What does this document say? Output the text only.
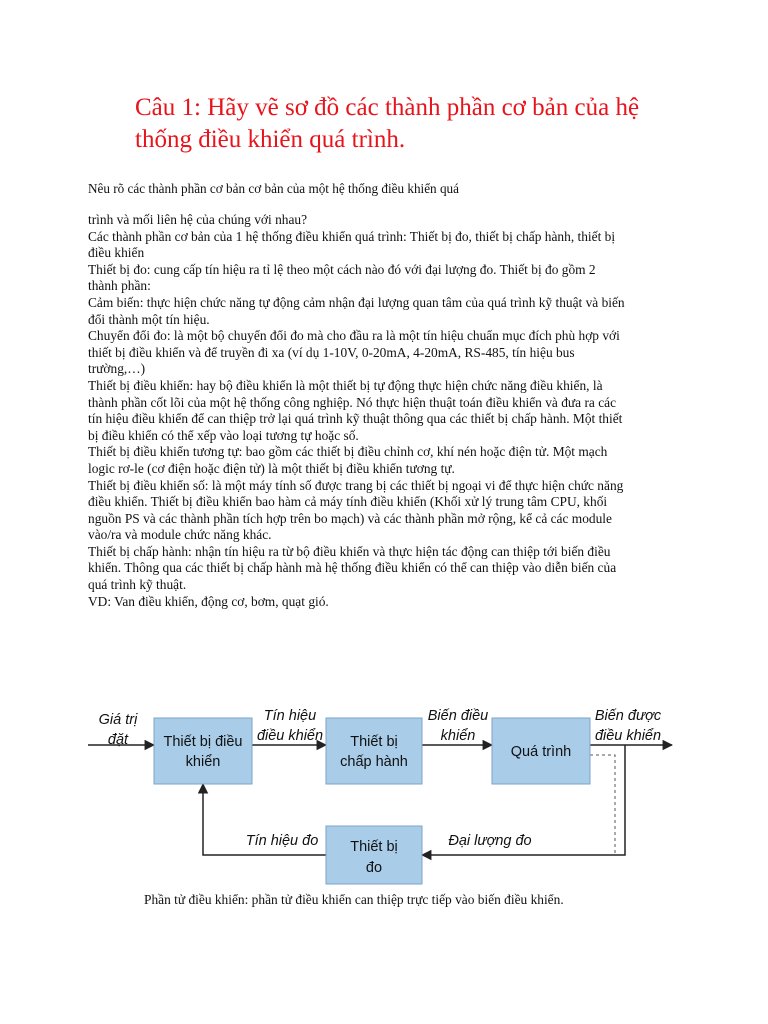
Câu 1: Hãy vẽ sơ đồ các thành phần cơ bản của hệ thống điều khiển quá trình.

Nêu rõ các thành phần cơ bản cơ bản của một hệ thống điều khiển quá

trình và mối liên hệ của chúng với nhau?

Các thành phần cơ bản của 1 hệ thống điều khiển quá trình: Thiết bị đo, thiết bị chấp hành, thiết bị điều khiển

Thiết bị đo: cung cấp tín hiệu ra tỉ lệ theo một cách nào đó với đại lượng đo. Thiết bị đo gồm 2 thành phần:

Cảm biến: thực hiện chức năng tự động cảm nhận đại lượng quan tâm của quá trình kỹ thuật và biến đổi thành một tín hiệu.

Chuyển đổi đo: là một bộ chuyển đổi đo mà cho đầu ra là một tín hiệu chuẩn mục đích phù hợp với thiết bị điều khiển và để truyền đi xa (ví dụ 1-10V, 0-20mA, 4-20mA, RS-485, tín hiệu bus trường,…)

Thiết bị điều khiển: hay bộ điều khiển là một thiết bị tự động thực hiện chức năng điều khiển, là thành phần cốt lõi của một hệ thống công nghiệp. Nó thực hiện thuật toán điều khiển và đưa ra các tín hiệu điều khiển để can thiệp trở lại quá trình kỹ thuật thông qua các thiết bị chấp hành. Một thiết bị điều khiển có thể xếp vào loại tương tự hoặc số.

Thiết bị điều khiển tương tự: bao gồm các thiết bị điều chỉnh cơ, khí nén hoặc điện tử. Một mạch logic rơ-le (cơ điện hoặc điện tử) là một thiết bị điều khiển tương tự.

Thiết bị điều khiển số: là một máy tính số được trang bị các thiết bị ngoại vi để thực hiện chức năng điều khiển. Thiết bị điều khiển bao hàm cả máy tính điều khiển (Khối xử lý trung tâm CPU, khối nguồn PS và các thành phần tích hợp trên bo mạch) và các thành phần mở rộng, kể cả các module vào/ra và module chức năng khác.

Thiết bị chấp hành: nhận tín hiệu ra từ bộ điều khiển và thực hiện tác động can thiệp tới biến điều khiển. Thông qua các thiết bị chấp hành mà hệ thống điều khiển có thể can thiệp vào diễn biến của quá trình kỹ thuật.

VD: Van điều khiển, động cơ, bơm, quạt gió.

Thiết bị điều
khiển
Thiết bị
chấp hành
Quá trình
Thiết bị
đo
Giá trị
đặt
Tín hiệu
điều khiển
Biến điều
khiển
Biến được
điều khiển
Tín hiệu đo	Đại lượng đo

Phần tử điều khiển: phần tử điều khiển can thiệp trực tiếp vào biến điều khiển.
